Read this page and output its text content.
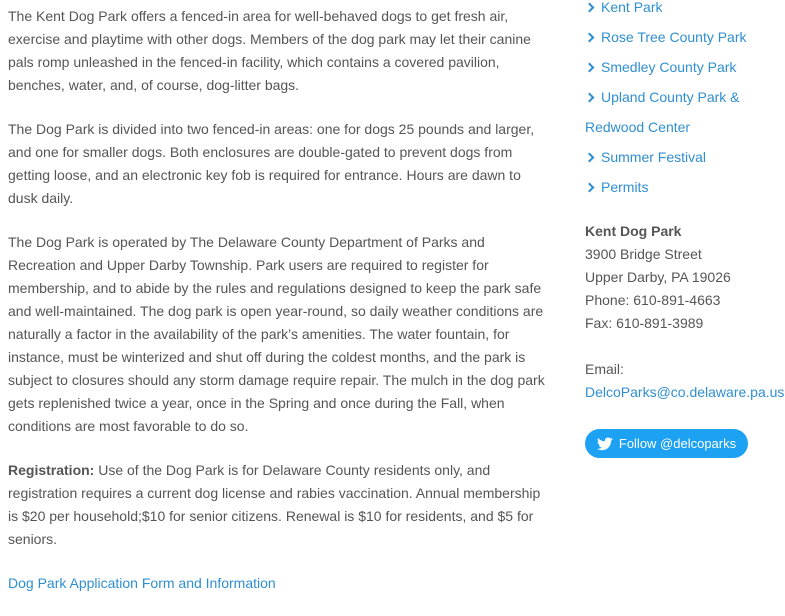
The Kent Dog Park offers a fenced-in area for well-behaved dogs to get fresh air, exercise and playtime with other dogs. Members of the dog park may let their canine pals romp unleashed in the fenced-in facility, which contains a covered pavilion, benches, water, and, of course, dog-litter bags.

The Dog Park is divided into two fenced-in areas: one for dogs 25 pounds and larger, and one for smaller dogs. Both enclosures are double-gated to prevent dogs from getting loose, and an electronic key fob is required for entrance. Hours are dawn to dusk daily.

The Dog Park is operated by The Delaware County Department of Parks and Recreation and Upper Darby Township. Park users are required to register for membership, and to abide by the rules and regulations designed to keep the park safe and well-maintained. The dog park is open year-round, so daily weather conditions are naturally a factor in the availability of the park’s amenities. The water fountain, for instance, must be winterized and shut off during the coldest months, and the park is subject to closures should any storm damage require repair. The mulch in the dog park gets replenished twice a year, once in the Spring and once during the Fall, when conditions are most favorable to do so.

Registration: Use of the Dog Park is for Delaware County residents only, and registration requires a current dog license and rabies vaccination. Annual membership is $20 per household;$10 for senior citizens. Renewal is $10 for residents, and $5 for seniors.

Dog Park Application Form and Information

Kent Park
Rose Tree County Park
Smedley County Park
Upland County Park & Redwood Center
Summer Festival
Permits
Kent Dog Park
3900 Bridge Street
Upper Darby, PA 19026
Phone: 610-891-4663
Fax: 610-891-3989
Email:
DelcoParks@co.delaware.pa.us
Follow @delcoparks
